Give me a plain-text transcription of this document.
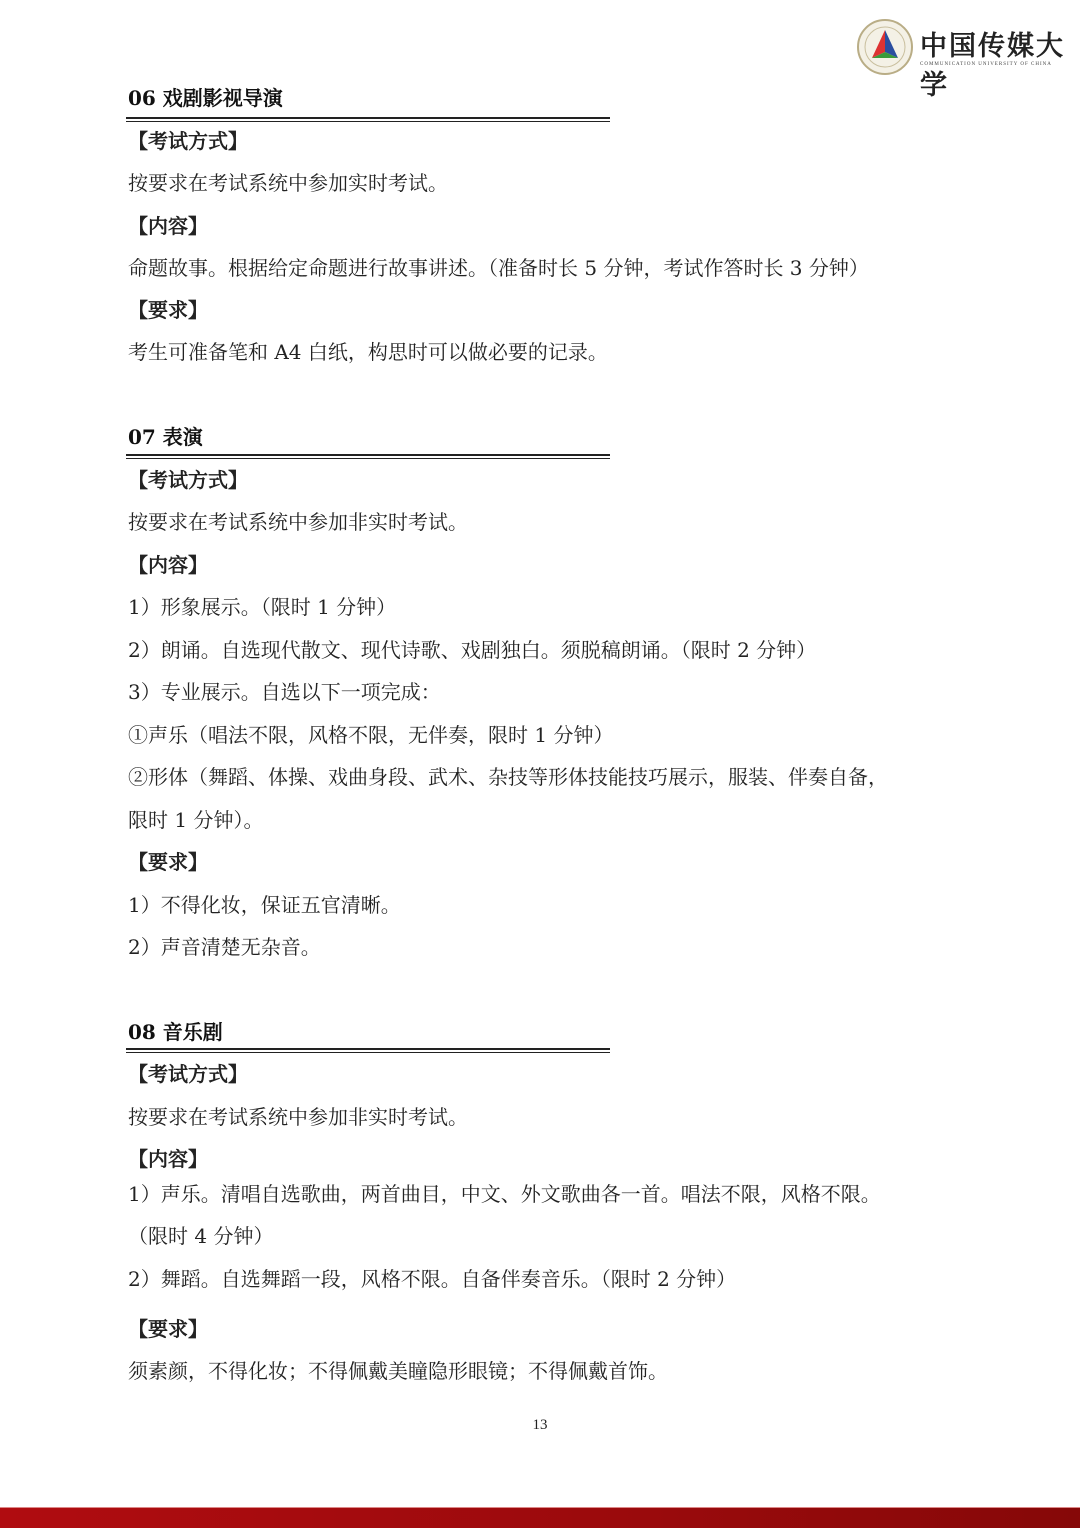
中国传媒大学
COMMUNICATION UNIVERSITY OF CHINA
06 戏剧影视导演
【考试方式】
按要求在考试系统中参加实时考试。
【内容】
命题故事。根据给定命题进行故事讲述。（准备时长 5 分钟，考试作答时长 3 分钟）
【要求】
考生可准备笔和 A4 白纸，构思时可以做必要的记录。
07 表演
【考试方式】
按要求在考试系统中参加非实时考试。
【内容】
1）形象展示。（限时 1 分钟）
2）朗诵。自选现代散文、现代诗歌、戏剧独白。须脱稿朗诵。（限时 2 分钟）
3）专业展示。自选以下一项完成：
①声乐（唱法不限，风格不限，无伴奏，限时 1 分钟）
②形体（舞蹈、体操、戏曲身段、武术、杂技等形体技能技巧展示，服装、伴奏自备，
限时 1 分钟）。
【要求】
1）不得化妆，保证五官清晰。
2）声音清楚无杂音。
08 音乐剧
【考试方式】
按要求在考试系统中参加非实时考试。
【内容】
1）声乐。清唱自选歌曲，两首曲目，中文、外文歌曲各一首。唱法不限，风格不限。
（限时 4 分钟）
2）舞蹈。自选舞蹈一段，风格不限。自备伴奏音乐。（限时 2 分钟）
【要求】
须素颜，不得化妆；不得佩戴美瞳隐形眼镜；不得佩戴首饰。
13
